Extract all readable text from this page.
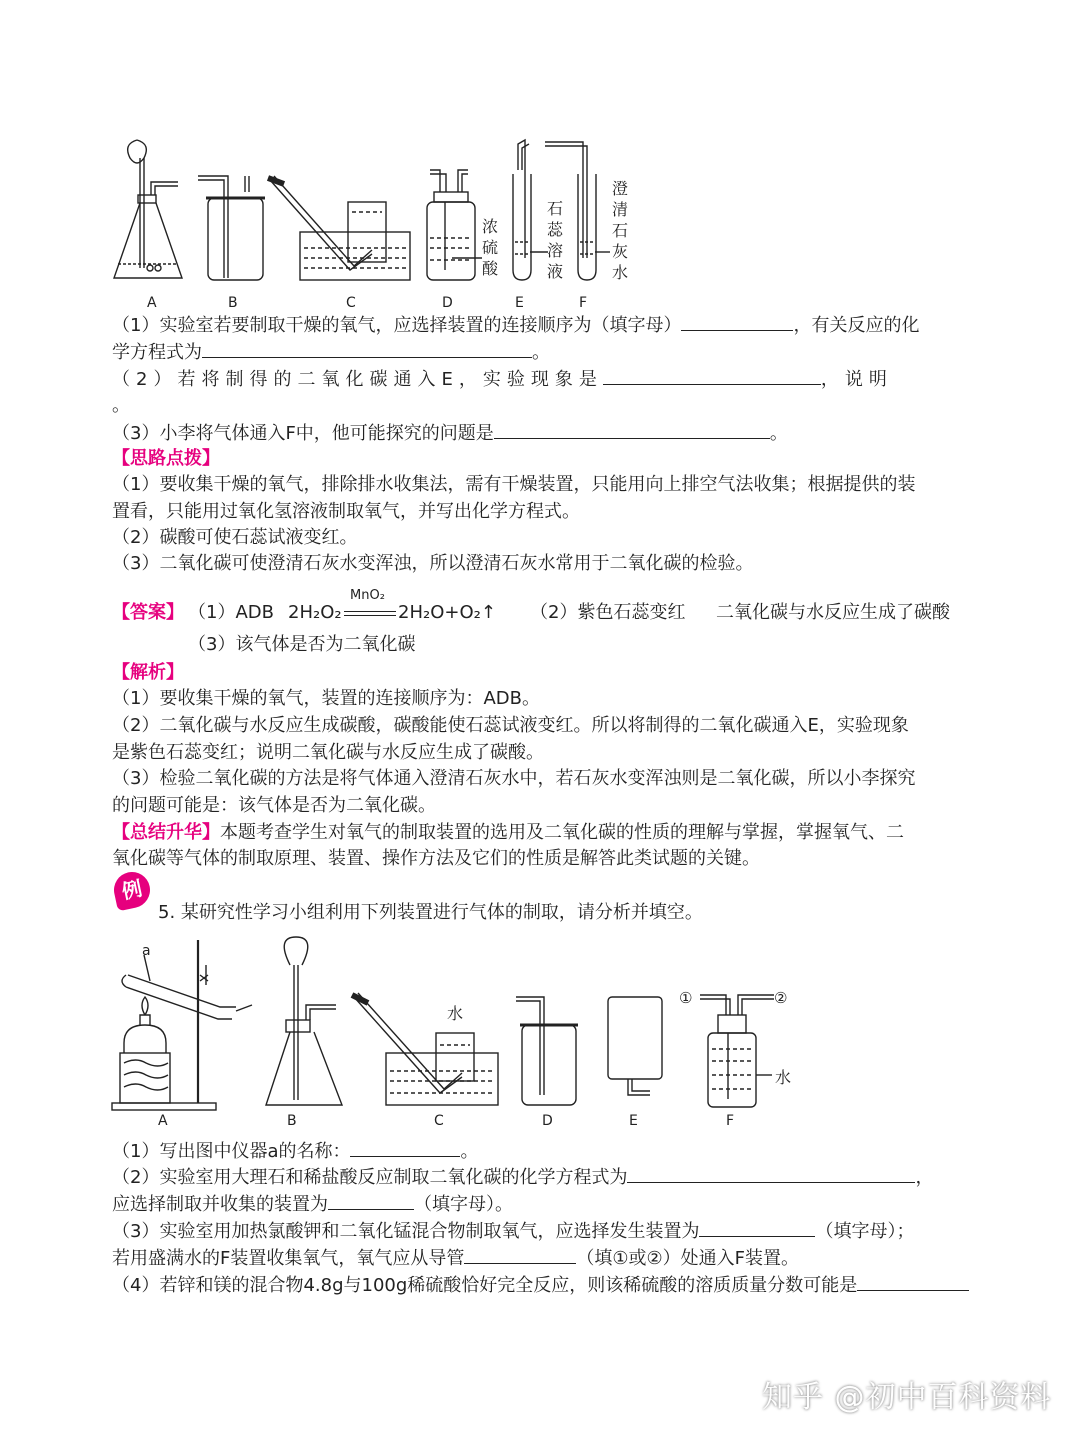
A	B	C	D	E	F
浓硫酸
石蕊溶液
澄清石灰水
（1）实验室若要制取干燥的氧气，应选择装置的连接顺序为（填字母）	，有关反应的化
学方程式为	。
（2）若将制得的二氧化碳通入E，实验现象是	，说明
。
（3）小李将气体通入F中，他可能探究的问题是	。
【思路点拨】
（1）要收集干燥的氧气，排除排水收集法，需有干燥装置，只能用向上排空气法收集；根据提供的装
置看，只能用过氧化氢溶液制取氧气，并写出化学方程式。
（2）碳酸可使石蕊试液变红。
（3）二氧化碳可使澄清石灰水变浑浊，所以澄清石灰水常用于二氧化碳的检验。
【答案】 （1）ADB 2H₂O₂
MnO₂
2H₂O+O₂↑ （2）紫色石蕊变红 二氧化碳与水反应生成了碳酸
（3）该气体是否为二氧化碳
【解析】
（1）要收集干燥的氧气，装置的连接顺序为：ADB。
（2）二氧化碳与水反应生成碳酸，碳酸能使石蕊试液变红。所以将制得的二氧化碳通入E，实验现象
是紫色石蕊变红；说明二氧化碳与水反应生成了碳酸。
（3）检验二氧化碳的方法是将气体通入澄清石灰水中，若石灰水变浑浊则是二氧化碳，所以小李探究
的问题可能是：该气体是否为二氧化碳。
【总结升华】本题考查学生对氧气的制取装置的选用及二氧化碳的性质的理解与掌握，掌握氧气、二
氧化碳等气体的制取原理、装置、操作方法及它们的性质是解答此类试题的关键。
例
5. 某研究性学习小组利用下列装置进行气体的制取，请分析并填空。
a
水
水
①	②
A	B	C	D	E	F
（1）写出图中仪器a的名称：	。
（2）实验室用大理石和稀盐酸反应制取二氧化碳的化学方程式为	，
应选择制取并收集的装置为	（填字母）。
（3）实验室用加热氯酸钾和二氧化锰混合物制取氧气，应选择发生装置为	（填字母）；
若用盛满水的F装置收集氧气，氧气应从导管	（填①或②）处通入F装置。
（4）若锌和镁的混合物4.8g与100g稀硫酸恰好完全反应，则该稀硫酸的溶质质量分数可能是
知乎 @初中百科资料
